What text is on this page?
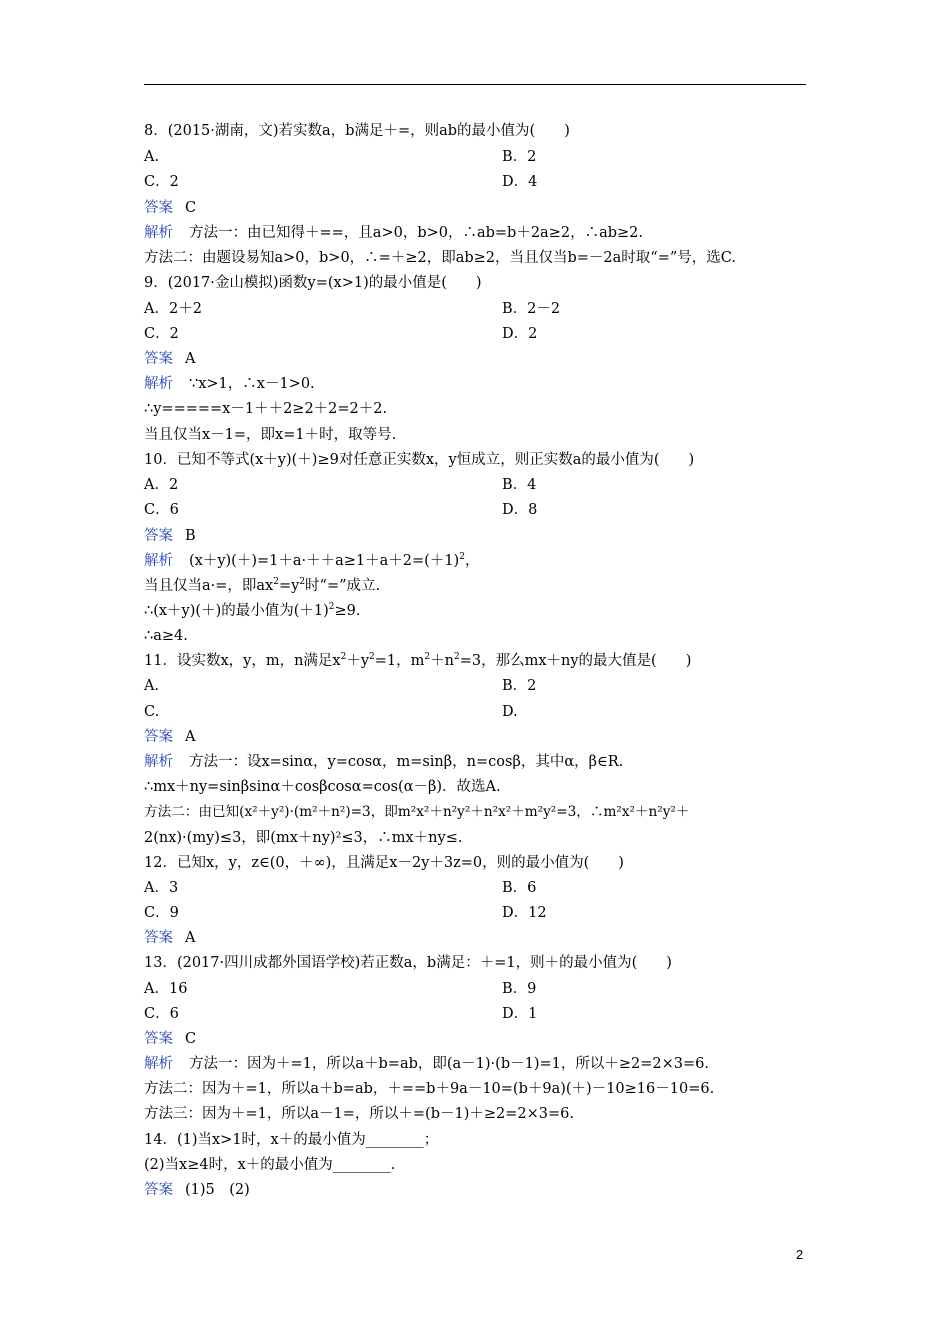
8．(2015·湖南，文)若实数a，b满足＋=，则ab的最小值为(　　)
A.	B．2
C．2	D．4
答案 C
解析 方法一：由已知得＋==，且a>0，b>0，∴ab=b＋2a≥2，∴ab≥2.
方法二：由题设易知a>0，b>0，∴=＋≥2，即ab≥2，当且仅当b=－2a时取“=”号，选C.
9．(2017·金山模拟)函数y=(x>1)的最小值是(　　)
A．2＋2	B．2－2
C．2	D．2
答案 A
解析 ∵x>1，∴x－1>0.
∴y=====x－1＋＋2≥2＋2=2＋2.
当且仅当x－1=，即x=1＋时，取等号.
10．已知不等式(x＋y)(＋)≥9对任意正实数x，y恒成立，则正实数a的最小值为(　　)
A．2	B．4
C．6	D．8
答案 B
解析 $(x+y)(+)=1+a\cdot++a\ge 1+a+2=(+1)^2$，
当且仅当a·=，即$ax^2=y^2$时“=”成立.
∴(x＋y)(＋)的最小值为$(+1)^2\ge 9$.
∴a≥4.
11．设实数x，y，m，n满足$x^2+y^2=1$，$m^2+n^2=3$，那么mx＋ny的最大值是(　　)
A.	B．2
C.	D.
答案 A
解析 方法一：设x=sinα，y=cosα，m=sinβ，n=cosβ，其中α，β∈R.
∴mx＋ny=sinβsinα＋cosβcosα=cos(α－β)．故选A.
方法二：由已知(x²＋y²)·(m²＋n²)=3，即m²x²＋n²y²＋n²x²＋m²y²=3，∴m²x²＋n²y²＋
2(nx)·(my)≤3，即(mx＋ny)²≤3，∴mx＋ny≤.
12．已知x，y，z∈(0，＋∞)，且满足x－2y＋3z=0，则的最小值为(　　)
A．3	B．6
C．9	D．12
答案 A
13．(2017·四川成都外国语学校)若正数a，b满足：＋=1，则＋的最小值为(　　)
A．16	B．9
C．6	D．1
答案 C
解析 方法一：因为＋=1，所以a＋b=ab，即(a－1)·(b－1)=1，所以＋≥2=2×3=6.
方法二：因为＋=1，所以a＋b=ab，＋==b＋9a－10=(b＋9a)(＋)－10≥16－10=6.
方法三：因为＋=1，所以a－1=，所以＋=(b－1)＋≥2=2×3=6.
14．(1)当x>1时，x＋的最小值为________；
(2)当x≥4时，x＋的最小值为________.
答案 (1)5　(2)
2
